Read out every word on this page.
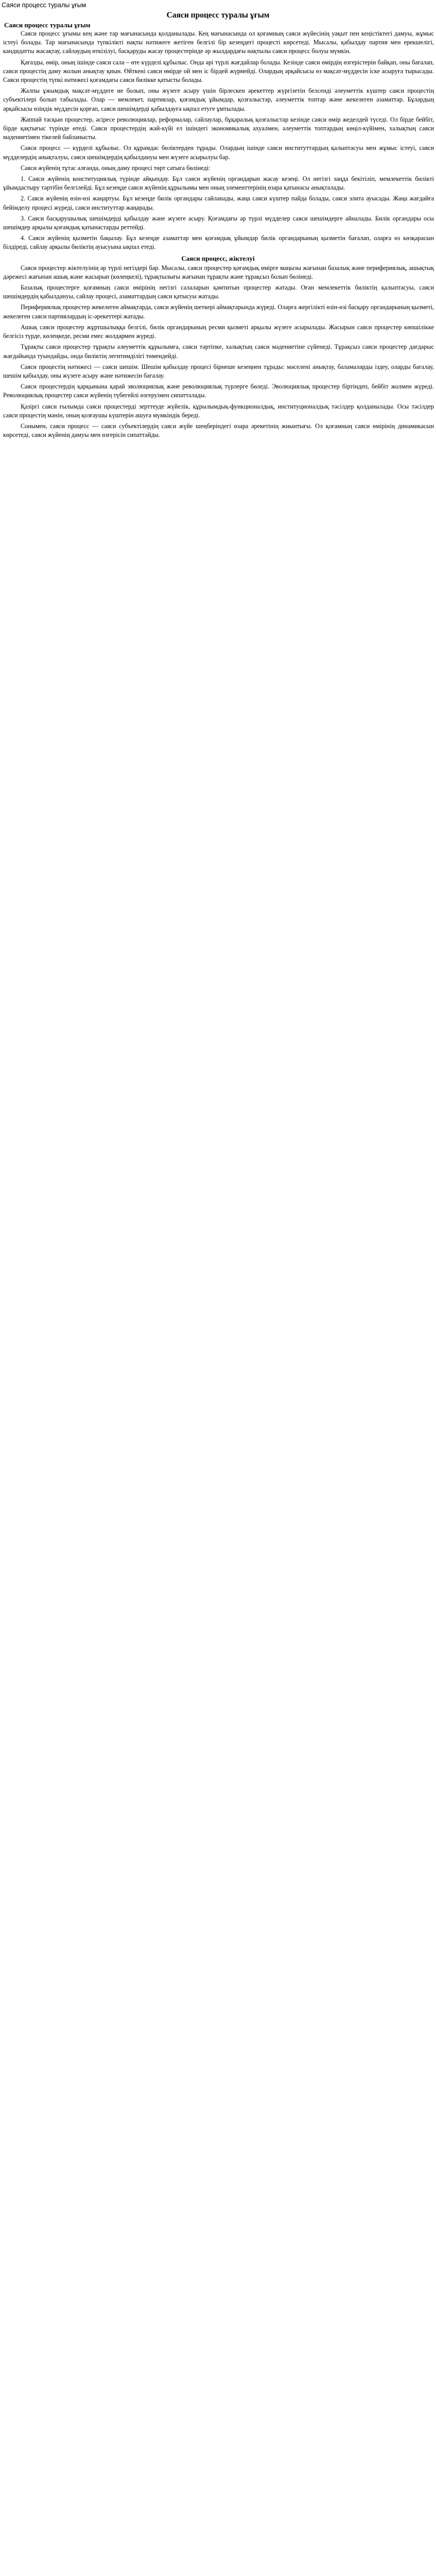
Саяси процесс туралы ұғым
Саяси процесс туралы ұғым
Саяси процесс туралы ұғым

Саяси процесс ұғымы кең және тар мағынасында қолданылады. Кең мағынасында ол қоғамның саяси жүйесінің уақыт пен кеңістіктегі дамуы, жұмыс істеуі болады. Тар мағынасында түпкілікті нақты нәтижеге жетіген белгілі бір кезеңдегі процесті көрсетеді. Мысалы, қабылдау партия мен ерекшелігі, кандидатты жасақтау, сайлаудың өткізілуі, басқаруды жасау процестерінде әр жылдардағы нақтылы саяси процесс болуы мүмкін.

Қағазды, өмір, оның ішінде саяси сала – өте күрделі құбылыс. Онда әрі түрлі жағдайлар болады. Кезінде саяси өмірдің өзгерістерін байқап, оны бағалап, саяси процестің даму жолын анықтау қиын. Өйткені саяси өмірде ой мен іс бірдей жүрмейді. Олардың әрқайсысы өз мақсат-мүддесін іске асыруға тырысады. Саяси процестің түпкі нәтижесі қоғамдағы саяси билікке қатысты болады.

Жалпы ұжымдық мақсат-мүддеге ие болып, оны жүзеге асыру үшін бірлескен әрекеттер жүргізетін белсенді әлеуметтік күштер саяси процестің субъектілері болып табылады. Олар — мемлекет, партиялар, қоғамдық ұйымдар, қозғалыстар, әлеуметтік топтар және жекелеген азаматтар. Бұлардың әрқайсысы өзіндік мүддесін қорғап, саяси шешімдерді қабылдауға ықпал етуге ұмтылады.

Жаппай тасқын процестер, әсіресе революциялар, реформалар, сайлаулар, бұқаралық қозғалыстар кезінде саяси өмір жеделдей түседі. Ол бірде бейбіт, бірде қақтығыс түрінде өтеді. Саяси процестердің жай-күйі ел ішіндегі экономикалық ахуалмен, әлеуметтік топтардың көңіл-күйімен, халықтың саяси мәдениетімен тікелей байланысты.

Саяси процесс — күрделі құбылыс. Ол құрамдас бөліктерден тұрады. Олардың ішінде саяси институттардың қалыптасуы мен жұмыс істеуі, саяси мүдделердің анықталуы, саяси шешімдердің қабылдануы мен жүзеге асырылуы бар.

Саяси жүйенің тұтас алғанда, оның даму процесі төрт сатыға бөлінеді:

1. Саяси жүйенің конституциялық түрінде айқындау. Бұл саяси жүйенің органдарын жасау кезеңі. Ол негізгі заңда бекітіліп, мемлекеттік билікті ұйымдастыру тәртібін белгілейді. Бұл кезеңде саяси жүйенің құрылымы мен оның элементтерінің өзара қатынасы анықталады.

2. Саяси жүйенің өзін-өзі жаңартуы. Бұл кезеңде билік органдары сайланады, жаңа саяси күштер пайда болады, саяси элита ауысады. Жаңа жағдайға бейімделу процесі жүреді, саяси институттар жаңарады.

3. Саяси басқарушылық шешімдерді қабылдау және жүзеге асыру. Қоғамдағы әр түрлі мүдделер саяси шешімдерге айналады. Билік органдары осы шешімдер арқылы қоғамдық қатынастарды реттейді.

4. Саяси жүйенің қызметін бақылау. Бұл кезеңде азаматтар мен қоғамдық ұйымдар билік органдарының қызметін бағалап, оларға өз көзқарасын білдіреді, сайлау арқылы биліктің ауысуына ықпал етеді.

Саяси процесс, жіктелуі

Саяси процестер жіктелуінің әр түрлі негіздері бар. Мысалы, саяси процестер қоғамдық өмірге маңызы жағынан базалық және перифериялық, ашықтық дәрежесі жағынан ашық және жасырын (көлеңкелі), тұрақтылығы жағынан тұрақты және тұрақсыз болып бөлінеді.

Базалық процестерге қоғамның саяси өмірінің негізгі салаларын қамтитын процестер жатады. Оған мемлекеттік биліктің қалыптасуы, саяси шешімдердің қабылдануы, сайлау процесі, азаматтардың саяси қатысуы жатады.

Перифериялық процестер жекелеген аймақтарда, саяси жүйенің шеткері аймақтарында жүреді. Оларға жергілікті өзін-өзі басқару органдарының қызметі, жекелеген саяси партиялардың іс-әрекеттері жатады.

Ашық саяси процестер жұртшылыққа белгілі, билік органдарының ресми қызметі арқылы жүзеге асырылады. Жасырын саяси процестер көпшілікке белгісіз түрде, көлеңкеде, ресми емес жолдармен жүреді.

Тұрақты саяси процестер тұрақты әлеуметтік құрылымға, саяси тәртіпке, халықтың саяси мәдениетіне сүйенеді. Тұрақсыз саяси процестер дағдарыс жағдайында туындайды, онда биліктің легитимділігі төмендейді.

Саяси процестің нәтижесі — саяси шешім. Шешім қабылдау процесі бірнеше кезеңнен тұрады: мәселені анықтау, баламаларды іздеу, оларды бағалау, шешім қабылдау, оны жүзеге асыру және нәтижесін бағалау.

Саяси процестердің қарқынына қарай эволюциялық және революциялық түрлерге бөледі. Эволюциялық процестер біртіндеп, бейбіт жолмен жүреді. Революциялық процестер саяси жүйенің түбегейлі өзгеруімен сипатталады.

Қазіргі саяси ғылымда саяси процестерді зерттеуде жүйелік, құрылымдық-функционалдық, институционалдық тәсілдер қолданылады. Осы тәсілдер саяси процестің мәнін, оның қозғаушы күштерін ашуға мүмкіндік береді.

Сонымен, саяси процесс — саяси субъектілердің саяси жүйе шеңберіндегі өзара әрекетінің жиынтығы. Ол қоғамның саяси өмірінің динамикасын көрсетеді, саяси жүйенің дамуы мен өзгерісін сипаттайды.
